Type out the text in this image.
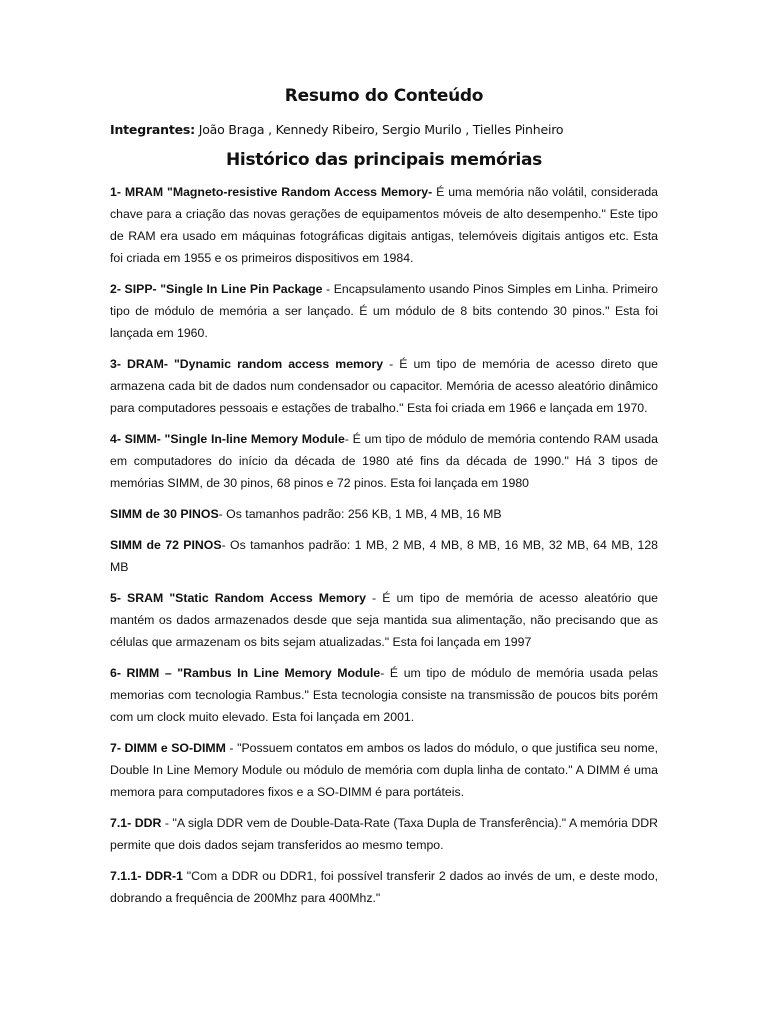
Resumo do Conteúdo

Integrantes: João Braga , Kennedy Ribeiro, Sergio Murilo , Tielles Pinheiro

Histórico das principais memórias

1- MRAM "Magneto-resistive Random Access Memory- É uma memória não volátil, considerada chave para a criação das novas gerações de equipamentos móveis de alto desempenho." Este tipo de RAM era usado em máquinas fotográficas digitais antigas, telemóveis digitais antigos etc. Esta foi criada em 1955 e os primeiros dispositivos em 1984.

2- SIPP- "Single In Line Pin Package - Encapsulamento usando Pinos Simples em Linha. Primeiro tipo de módulo de memória a ser lançado. É um módulo de 8 bits contendo 30 pinos." Esta foi lançada em 1960.

3- DRAM- "Dynamic random access memory - É um tipo de memória de acesso direto que armazena cada bit de dados num condensador ou capacitor. Memória de acesso aleatório dinâmico para computadores pessoais e estações de trabalho." Esta foi criada em 1966 e lançada em 1970.

4- SIMM- "Single In-line Memory Module- É um tipo de módulo de memória contendo RAM usada em computadores do início da década de 1980 até fins da década de 1990." Há 3 tipos de memórias SIMM, de 30 pinos, 68 pinos e 72 pinos. Esta foi lançada em 1980

SIMM de 30 PINOS- Os tamanhos padrão: 256 KB, 1 MB, 4 MB, 16 MB

SIMM de 72 PINOS- Os tamanhos padrão: 1 MB, 2 MB, 4 MB, 8 MB, 16 MB, 32 MB, 64 MB, 128 MB

5- SRAM "Static Random Access Memory - É um tipo de memória de acesso aleatório que mantém os dados armazenados desde que seja mantida sua alimentação, não precisando que as células que armazenam os bits sejam atualizadas." Esta foi lançada em 1997

6- RIMM – "Rambus In Line Memory Module- É um tipo de módulo de memória usada pelas memorias com tecnologia Rambus." Esta tecnologia consiste na transmissão de poucos bits porém com um clock muito elevado. Esta foi lançada em 2001.

7- DIMM e SO-DIMM - "Possuem contatos em ambos os lados do módulo, o que justifica seu nome, Double In Line Memory Module ou módulo de memória com dupla linha de contato." A DIMM é uma memora para computadores fixos e a SO-DIMM é para portáteis.

7.1- DDR - "A sigla DDR vem de Double-Data-Rate (Taxa Dupla de Transferência)." A memória DDR permite que dois dados sejam transferidos ao mesmo tempo.

7.1.1- DDR-1 "Com a DDR ou DDR1, foi possível transferir 2 dados ao invés de um, e deste modo, dobrando a frequência de 200Mhz para 400Mhz."
